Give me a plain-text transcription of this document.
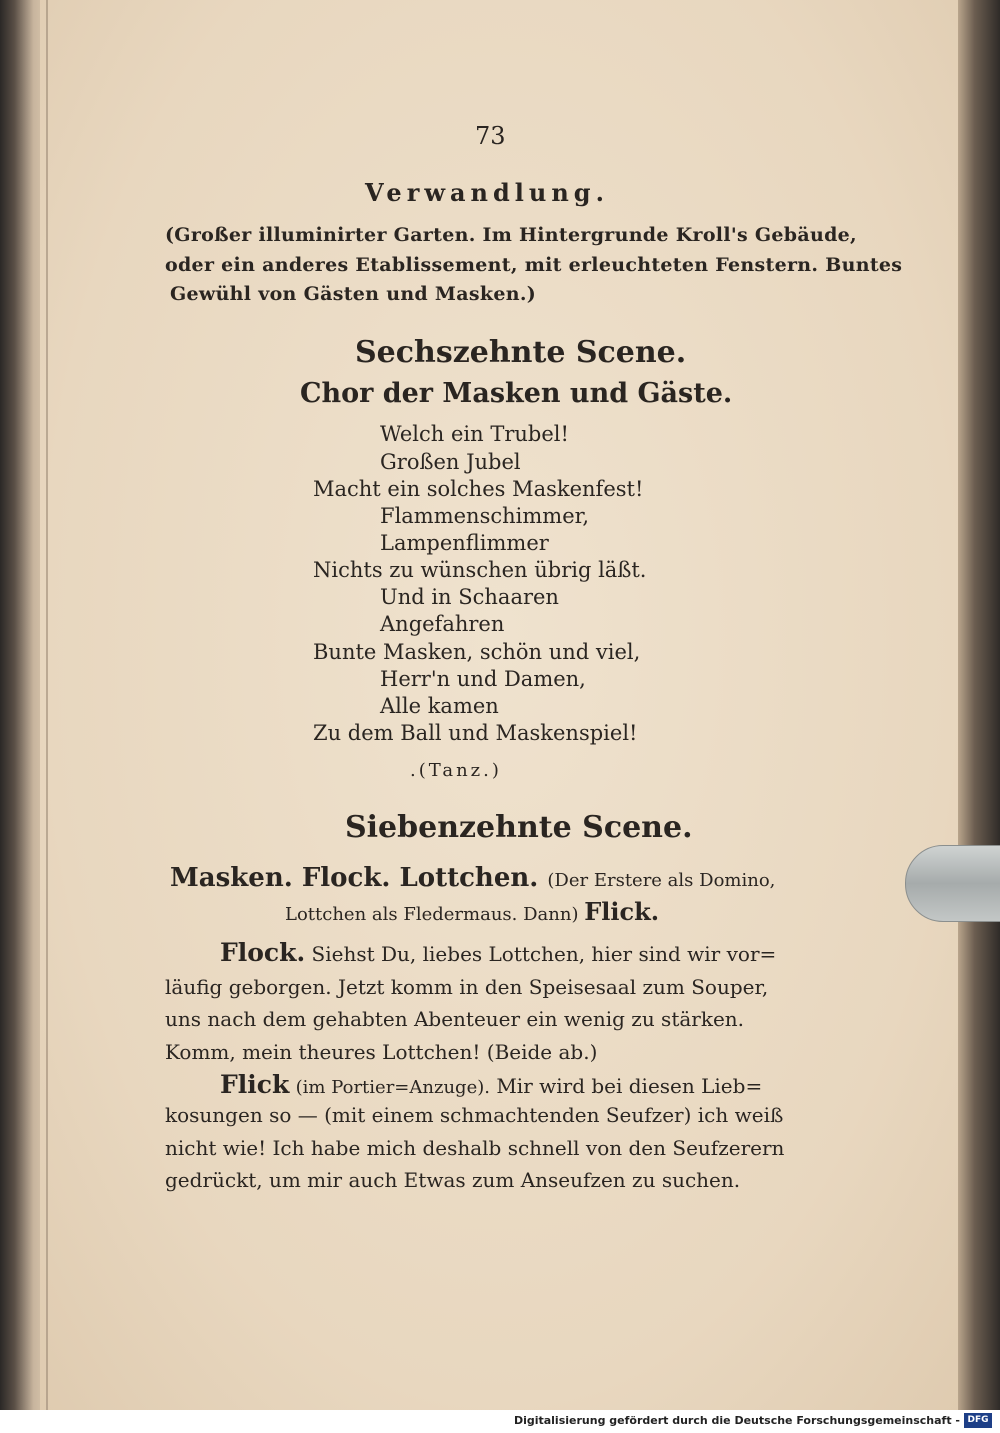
73
Verwandlung.
(Großer illuminirter Garten. Im Hintergrunde Kroll's Gebäude,
oder ein anderes Etablissement, mit erleuchteten Fenstern. Buntes
Gewühl von Gästen und Masken.)
Sechszehnte Scene.
Chor der Masken und Gäste.
Welch ein Trubel!
Großen Jubel
Macht ein solches Maskenfest!
Flammenschimmer,
Lampenflimmer
Nichts zu wünschen übrig läßt.
Und in Schaaren
Angefahren
Bunte Masken, schön und viel,
Herr'n und Damen,
Alle kamen
Zu dem Ball und Maskenspiel!
.(Tanz.)
Siebenzehnte Scene.
Masken. Flock. Lottchen. (Der Erstere als Domino,
Lottchen als Fledermaus. Dann) Flick.
Flock. Siehst Du, liebes Lottchen, hier sind wir vor=
läufig geborgen. Jetzt komm in den Speisesaal zum Souper,
uns nach dem gehabten Abenteuer ein wenig zu stärken.
Komm, mein theures Lottchen! (Beide ab.)
Flick (im Portier=Anzuge). Mir wird bei diesen Lieb=
kosungen so — (mit einem schmachtenden Seufzer) ich weiß
nicht wie! Ich habe mich deshalb schnell von den Seufzerern
gedrückt, um mir auch Etwas zum Anseufzen zu suchen.
Digitalisierung gefördert durch die Deutsche Forschungsgemeinschaft - DFG
